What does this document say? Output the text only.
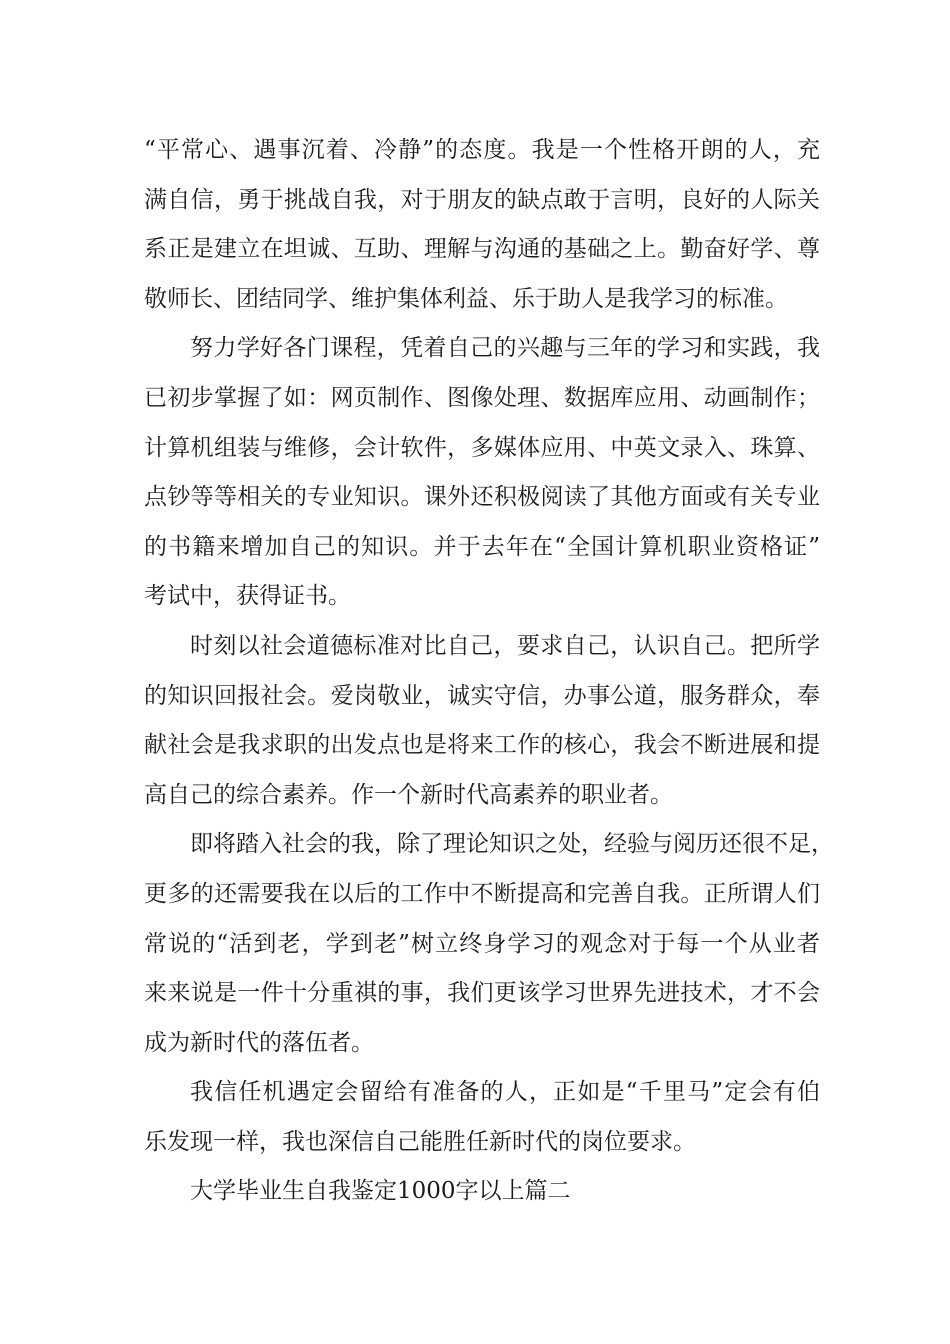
“平常心、遇事沉着、冷静”的态度。我是一个性格开朗的人，充
满自信，勇于挑战自我，对于朋友的缺点敢于言明，良好的人际关
系正是建立在坦诚、互助、理解与沟通的基础之上。勤奋好学、尊
敬师长、团结同学、维护集体利益、乐于助人是我学习的标准。
努力学好各门课程，凭着自己的兴趣与三年的学习和实践，我
已初步掌握了如：网页制作、图像处理、数据库应用、动画制作；
计算机组装与维修，会计软件，多媒体应用、中英文录入、珠算、
点钞等等相关的专业知识。课外还积极阅读了其他方面或有关专业
的书籍来增加自己的知识。并于去年在“全国计算机职业资格证”
考试中，获得证书。
时刻以社会道德标准对比自己，要求自己，认识自己。把所学
的知识回报社会。爱岗敬业，诚实守信，办事公道，服务群众，奉
献社会是我求职的出发点也是将来工作的核心，我会不断进展和提
高自己的综合素养。作一个新时代高素养的职业者。
即将踏入社会的我，除了理论知识之处，经验与阅历还很不足，
更多的还需要我在以后的工作中不断提高和完善自我。正所谓人们
常说的“活到老，学到老”树立终身学习的观念对于每一个从业者
来来说是一件十分重祺的事，我们更该学习世界先进技术，才不会
成为新时代的落伍者。
我信任机遇定会留给有准备的人，正如是“千里马”定会有伯
乐发现一样，我也深信自己能胜任新时代的岗位要求。
大学毕业生自我鉴定1000字以上篇二
